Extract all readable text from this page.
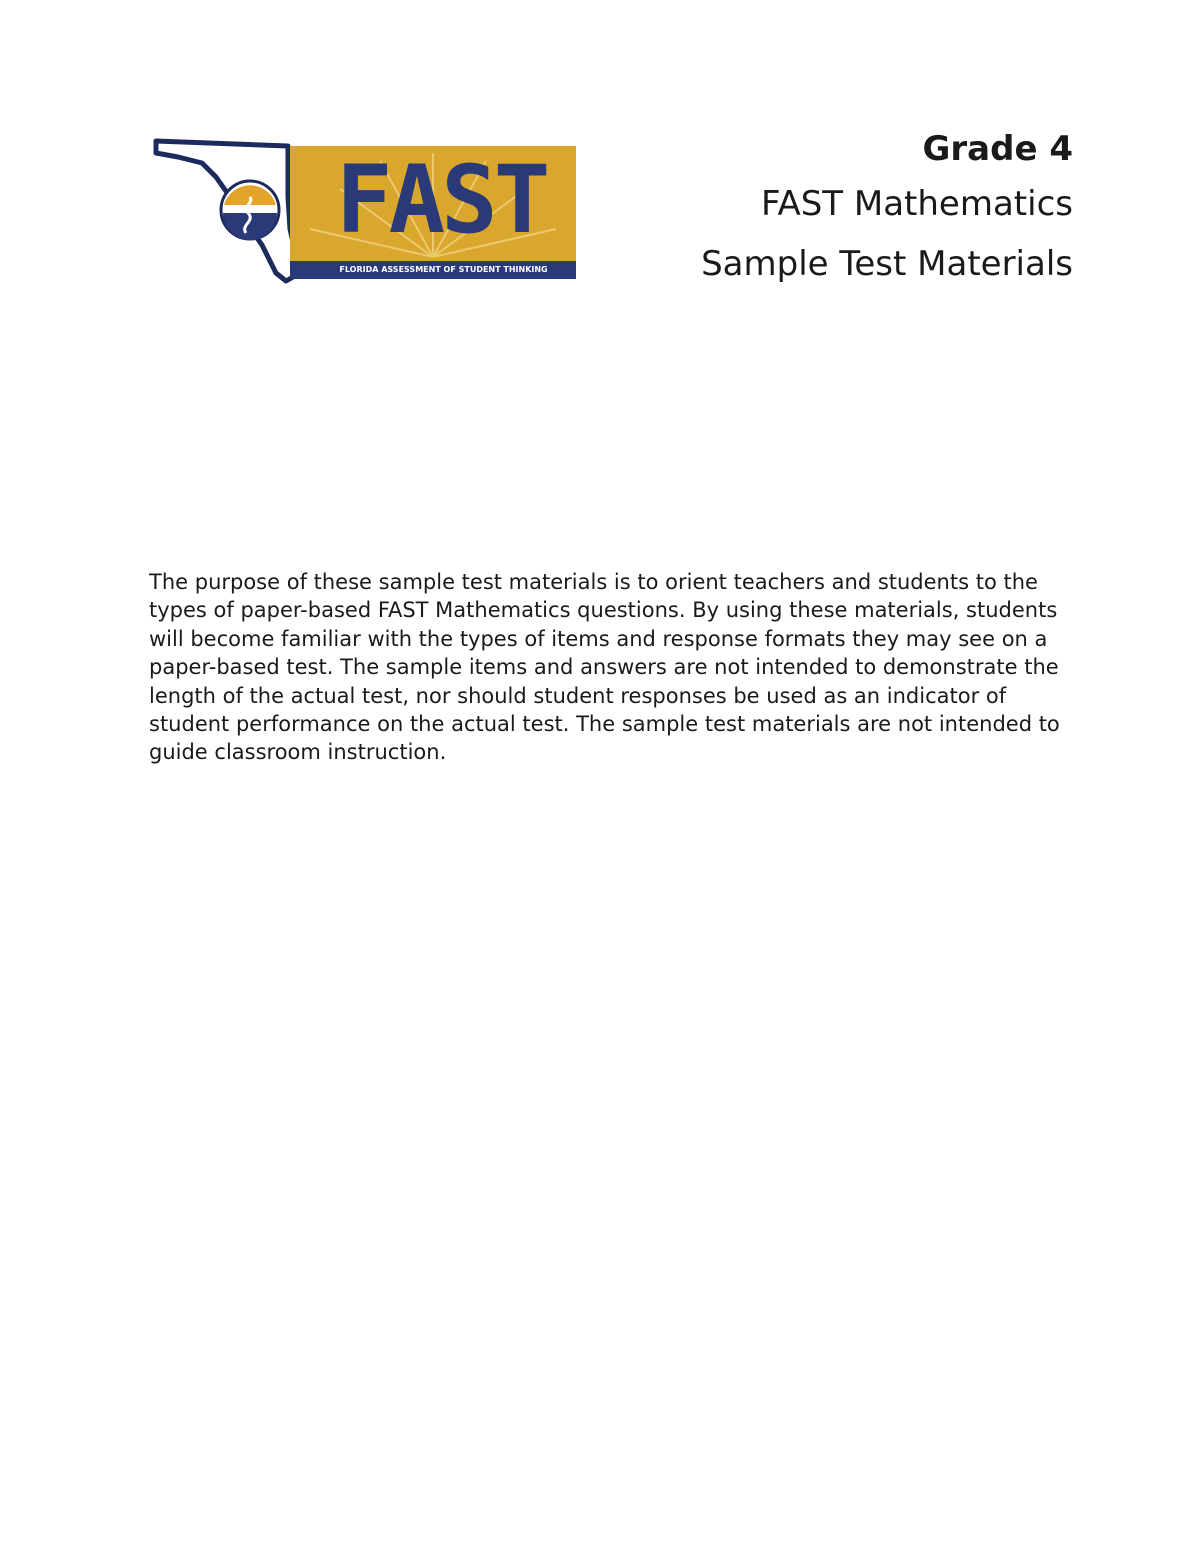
FAST
FLORIDA ASSESSMENT OF STUDENT THINKING

Grade 4

FAST Mathematics

Sample Test Materials

The purpose of these sample test materials is to orient teachers and students to the types of paper-based FAST Mathematics questions. By using these materials, students will become familiar with the types of items and response formats they may see on a paper-based test. The sample items and answers are not intended to demonstrate the length of the actual test, nor should student responses be used as an indicator of student performance on the actual test. The sample test materials are not intended to guide classroom instruction.
